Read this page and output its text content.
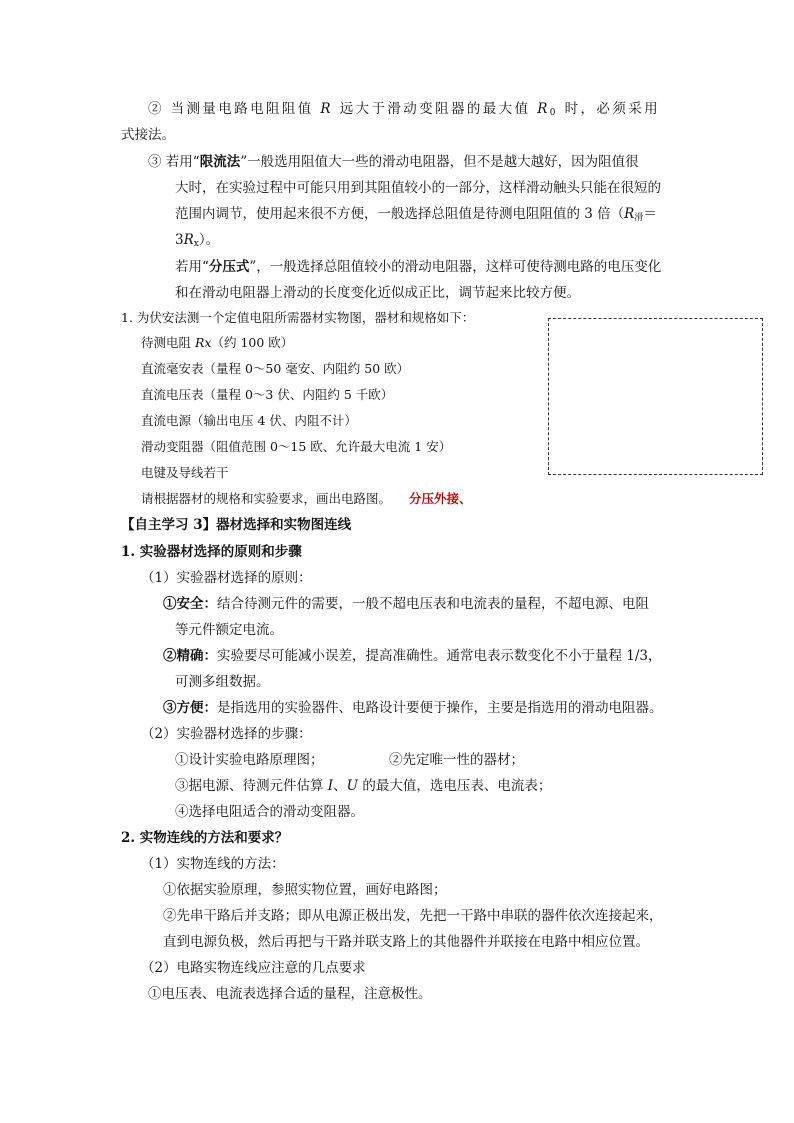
② 当测量电路电阻阻值 R 远大于滑动变阻器的最大值 $R_0$ 时，必须采用
式接法。
③ 若用“限流法”一般选用阻值大一些的滑动电阻器，但不是越大越好，因为阻值很
大时，在实验过程中可能只用到其阻值较小的一部分，这样滑动触头只能在很短的
范围内调节，使用起来很不方便，一般选择总阻值是待测电阻阻值的 3 倍（$R_滑=$
$3R_x$）。
若用“分压式”，一般选择总阻值较小的滑动电阻器，这样可使待测电路的电压变化
和在滑动电阻器上滑动的长度变化近似成正比，调节起来比较方便。
1. 为伏安法测一个定值电阻所需器材实物图，器材和规格如下：
待测电阻 Rx（约 100 欧）
直流毫安表（量程 0～50 毫安、内阻约 50 欧）
直流电压表（量程 0～3 伏、内阻约 5 千欧）
直流电源（输出电压 4 伏、内阻不计）
滑动变阻器（阻值范围 0～15 欧、允许最大电流 1 安）
电键及导线若干
请根据器材的规格和实验要求，画出电路图。 分压外接、
【自主学习 3】器材选择和实物图连线
1. 实验器材选择的原则和步骤
（1）实验器材选择的原则：
①安全：结合待测元件的需要，一般不超电压表和电流表的量程，不超电源、电阻
等元件额定电流。
②精确：实验要尽可能减小误差，提高准确性。通常电表示数变化不小于量程 1/3，
可测多组数据。
③方便：是指选用的实验器件、电路设计要便于操作，主要是指选用的滑动电阻器。
（2）实验器材选择的步骤：
①设计实验电路原理图；	②先定唯一性的器材；
③据电源、待测元件估算 I、U 的最大值，选电压表、电流表；
④选择电阻适合的滑动变阻器。
2. 实物连线的方法和要求？
（1）实物连线的方法：
①依据实验原理，参照实物位置，画好电路图；
②先串干路后并支路；即从电源正极出发，先把一干路中串联的器件依次连接起来，
直到电源负极，然后再把与干路并联支路上的其他器件并联接在电路中相应位置。
（2）电路实物连线应注意的几点要求
①电压表、电流表选择合适的量程，注意极性。
